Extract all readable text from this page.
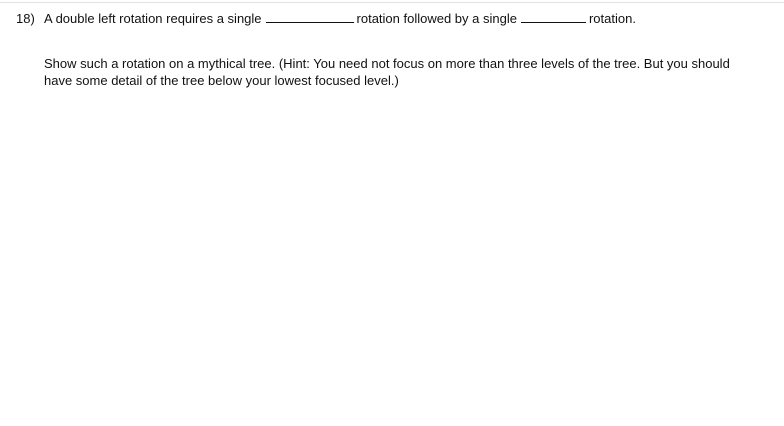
18) A double left rotation requires a single	rotation followed by a single	rotation.
Show such a rotation on a mythical tree. (Hint: You need not focus on more than three levels of the tree. But you should have some detail of the tree below your lowest focused level.)
